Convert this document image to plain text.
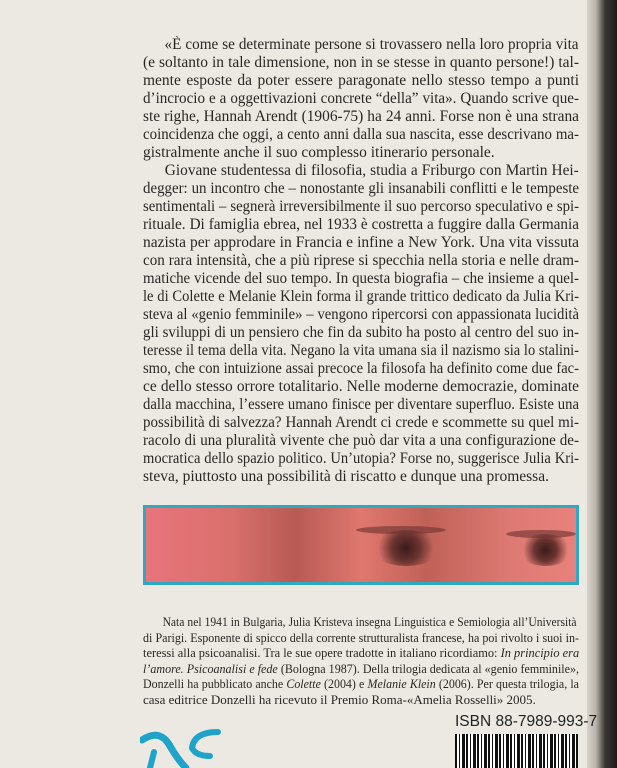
«È come se determinate persone si trovassero nella loro propria vita
(e soltanto in tale dimensione, non in se stesse in quanto persone!) tal-
mente esposte da poter essere paragonate nello stesso tempo a punti
d’incrocio e a oggettivazioni concrete “della” vita». Quando scrive que-
ste righe, Hannah Arendt (1906-75) ha 24 anni. Forse non è una strana
coincidenza che oggi, a cento anni dalla sua nascita, esse descrivano ma-
gistralmente anche il suo complesso itinerario personale.
Giovane studentessa di filosofia, studia a Friburgo con Martin Hei-
degger: un incontro che – nonostante gli insanabili conflitti e le tempeste
sentimentali – segnerà irreversibilmente il suo percorso speculativo e spi-
rituale. Di famiglia ebrea, nel 1933 è costretta a fuggire dalla Germania
nazista per approdare in Francia e infine a New York. Una vita vissuta
con rara intensità, che a più riprese si specchia nella storia e nelle dram-
matiche vicende del suo tempo. In questa biografia – che insieme a quel-
le di Colette e Melanie Klein forma il grande trittico dedicato da Julia Kri-
steva al «genio femminile» – vengono ripercorsi con appassionata lucidità
gli sviluppi di un pensiero che fin da subito ha posto al centro del suo in-
teresse il tema della vita. Negano la vita umana sia il nazismo sia lo stalini-
smo, che con intuizione assai precoce la filosofa ha definito come due fac-
ce dello stesso orrore totalitario. Nelle moderne democrazie, dominate
dalla macchina, l’essere umano finisce per diventare superfluo. Esiste una
possibilità di salvezza? Hannah Arendt ci crede e scommette su quel mi-
racolo di una pluralità vivente che può dar vita a una configurazione de-
mocratica dello spazio politico. Un’utopia? Forse no, suggerisce Julia Kri-
steva, piuttosto una possibilità di riscatto e dunque una promessa.
Nata nel 1941 in Bulgaria, Julia Kristeva insegna Linguistica e Semiologia all’Università
di Parigi. Esponente di spicco della corrente strutturalista francese, ha poi rivolto i suoi in-
teressi alla psicoanalisi. Tra le sue opere tradotte in italiano ricordiamo: In principio era
l’amore. Psicoanalisi e fede (Bologna 1987). Della trilogia dedicata al «genio femminile»,
Donzelli ha pubblicato anche Colette (2004) e Melanie Klein (2006). Per questa trilogia, la
casa editrice Donzelli ha ricevuto il Premio Roma-«Amelia Rosselli» 2005.
ISBN 88-7989-993-7
